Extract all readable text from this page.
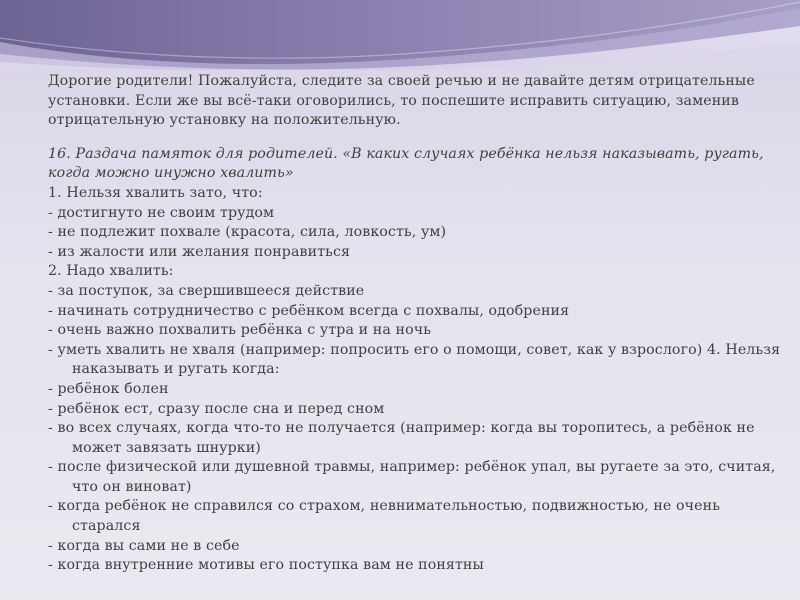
Дорогие родители! Пожалуйста, следите за своей речью и не давайте детям отрицательные установки. Если же вы всё-таки оговорились, то поспешите исправить ситуацию, заменив отрицательную установку на положительную.

16. Раздача памяток для родителей. «В каких случаях ребёнка нельзя наказывать, ругать, когда можно инужно хвалить»

1. Нельзя хвалить зато, что:

- достигнуто не своим трудом

- не подлежит похвале (красота, сила, ловкость, ум)

- из жалости или желания понравиться

2. Надо хвалить:

- за поступок, за свершившееся действие

- начинать сотрудничество с ребёнком всегда с похвалы, одобрения

- очень важно похвалить ребёнка с утра и на ночь

- уметь хвалить не хваля (например: попросить его о помощи, совет, как у взрослого) 4. Нельзя наказывать и ругать когда:

- ребёнок болен

- ребёнок ест, сразу после сна и перед сном

- во всех случаях, когда что-то не получается (например: когда вы торопитесь, а ребёнок не может завязать шнурки)

- после физической или душевной травмы, например: ребёнок упал, вы ругаете за это, считая, что он виноват)

- когда ребёнок не справился со страхом, невнимательностью, подвижностью, не очень старался

- когда вы сами не в себе

- когда внутренние мотивы его поступка вам не понятны
